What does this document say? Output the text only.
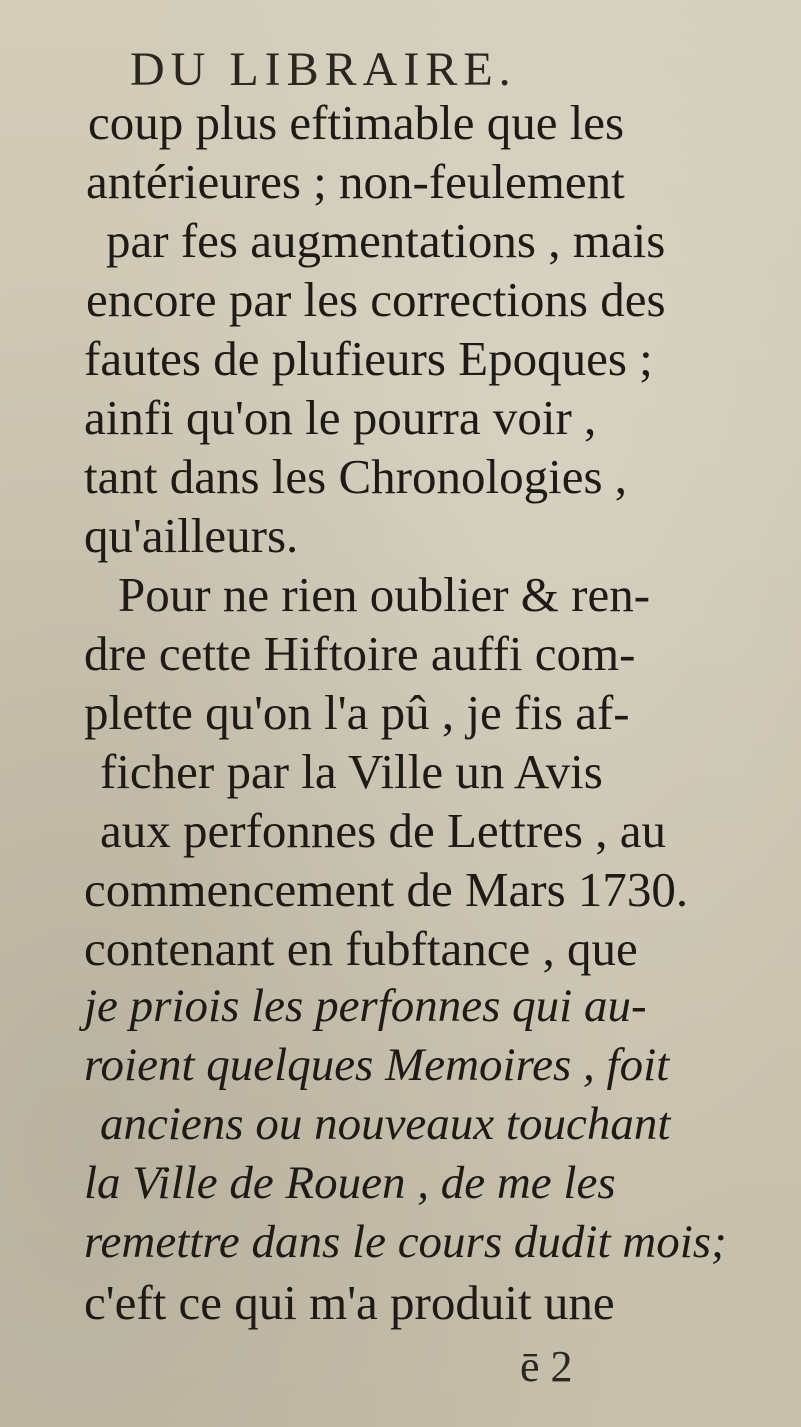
DU LIBRAIRE.
coup plus eftimable que les
antérieures ; non-feulement
par fes augmentations , mais
encore par les corrections des
fautes de plufieurs Epoques ;
ainfi qu'on le pourra voir ,
tant dans les Chronologies ,
qu'ailleurs.
Pour ne rien oublier & ren-
dre cette Hiftoire auffi com-
plette qu'on l'a pû , je fis af-
ficher par la Ville un Avis
aux perfonnes de Lettres , au
commencement de Mars 1730.
contenant en fubftance , que
je priois les perfonnes qui au-
roient quelques Memoires , foit
anciens ou nouveaux touchant
la Ville de Rouen , de me les
remettre dans le cours dudit mois;
c'eft ce qui m'a produit une
ē 2
